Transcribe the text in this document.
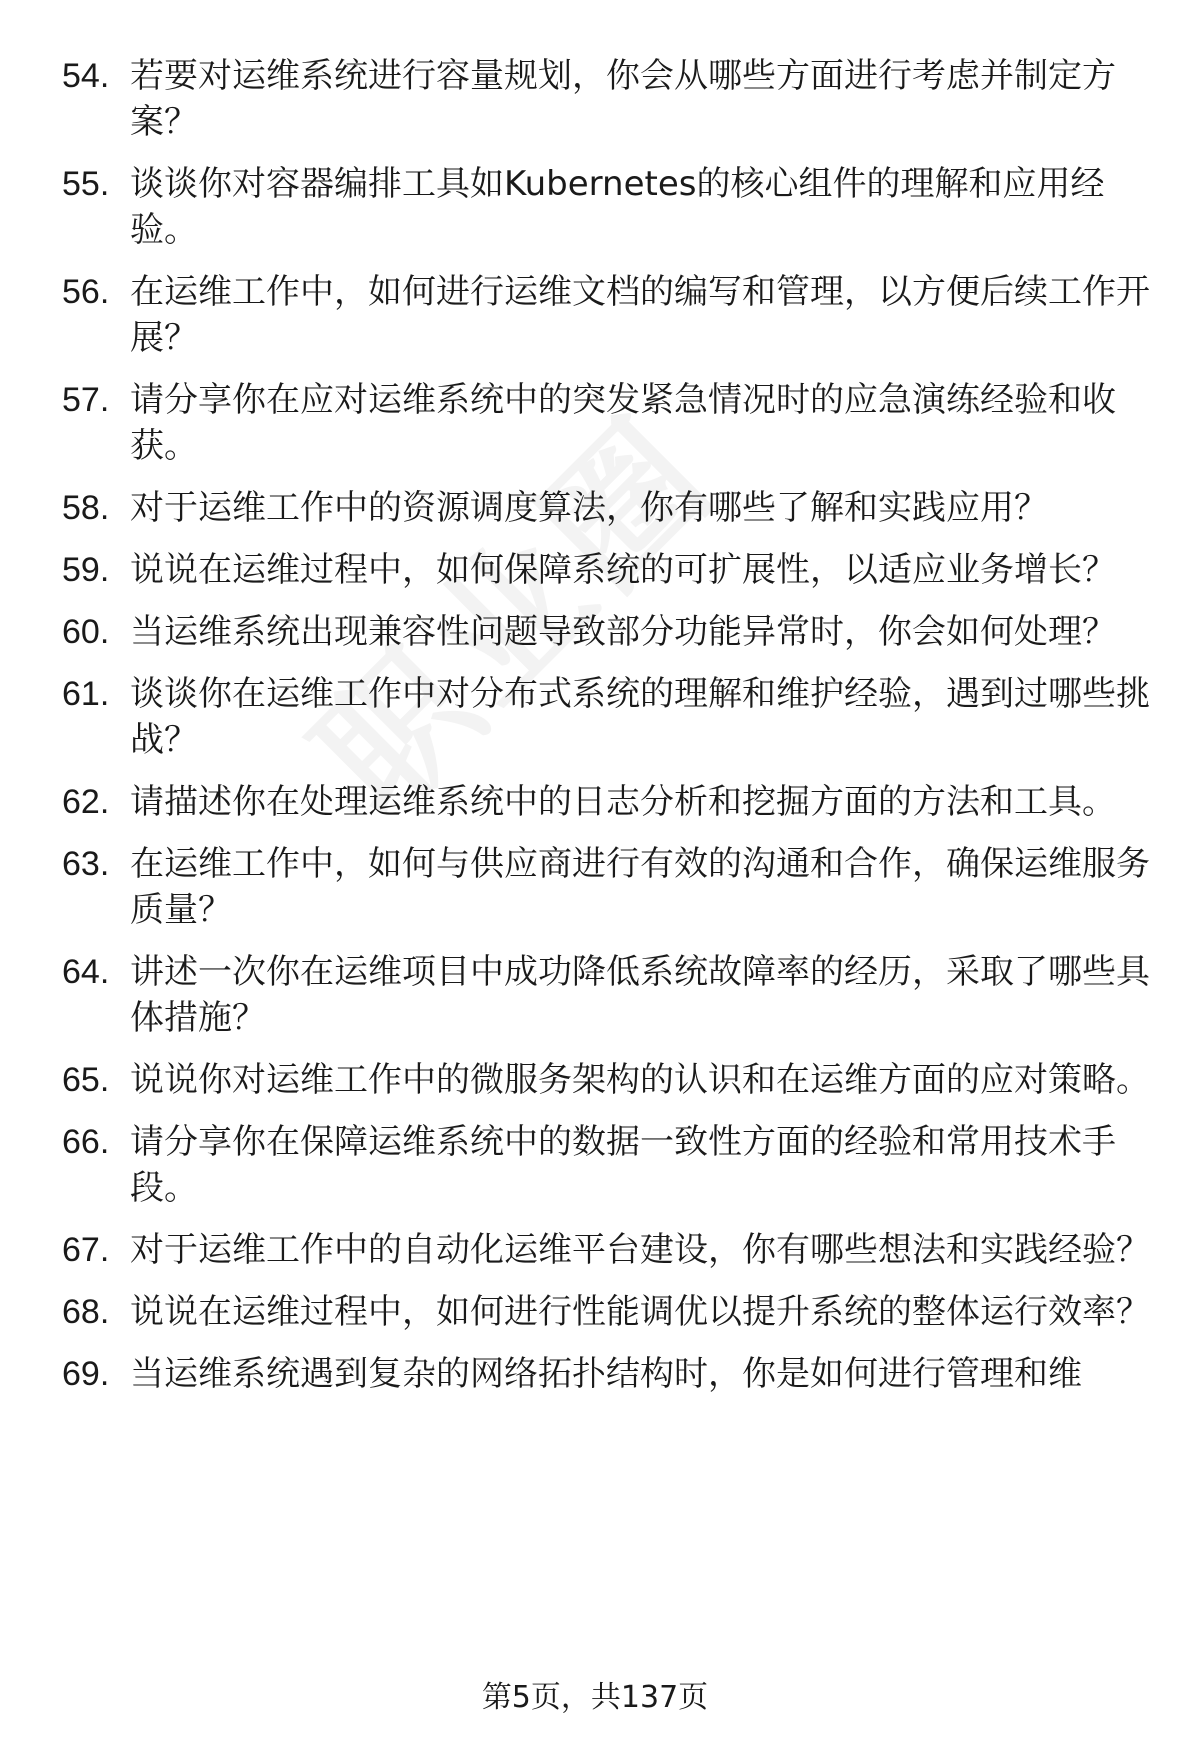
54. 若要对运维系统进行容量规划，你会从哪些方面进行考虑并制定方案？
55. 谈谈你对容器编排工具如Kubernetes的核心组件的理解和应用经验。
56. 在运维工作中，如何进行运维文档的编写和管理，以方便后续工作开展？
57. 请分享你在应对运维系统中的突发紧急情况时的应急演练经验和收获。
58. 对于运维工作中的资源调度算法，你有哪些了解和实践应用？
59. 说说在运维过程中，如何保障系统的可扩展性，以适应业务增长？
60. 当运维系统出现兼容性问题导致部分功能异常时，你会如何处理？
61. 谈谈你在运维工作中对分布式系统的理解和维护经验，遇到过哪些挑战？
62. 请描述你在处理运维系统中的日志分析和挖掘方面的方法和工具。
63. 在运维工作中，如何与供应商进行有效的沟通和合作，确保运维服务质量？
64. 讲述一次你在运维项目中成功降低系统故障率的经历，采取了哪些具体措施？
65. 说说你对运维工作中的微服务架构的认识和在运维方面的应对策略。
66. 请分享你在保障运维系统中的数据一致性方面的经验和常用技术手段。
67. 对于运维工作中的自动化运维平台建设，你有哪些想法和实践经验？
68. 说说在运维过程中，如何进行性能调优以提升系统的整体运行效率？
69. 当运维系统遇到复杂的网络拓扑结构时，你是如何进行管理和维
第5页，共137页
